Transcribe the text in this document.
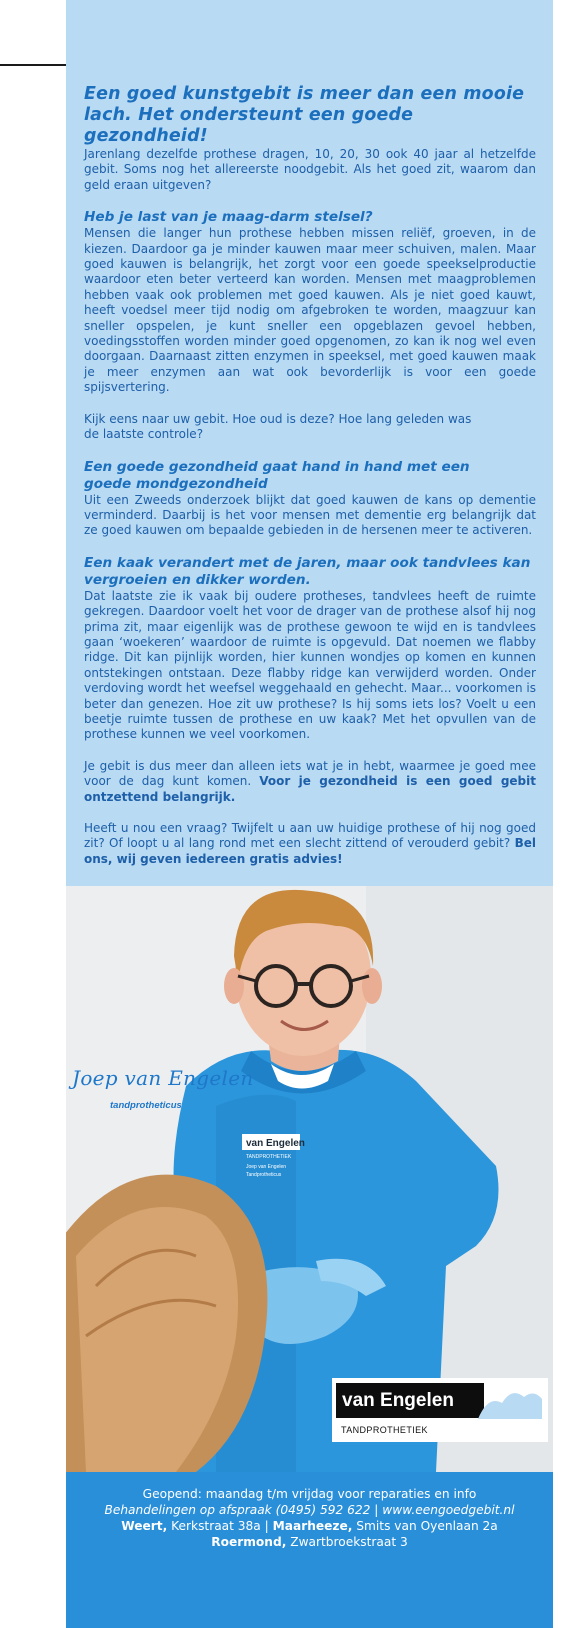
Een goed kunstgebit is meer dan een mooie lach. Het ondersteunt een goede gezondheid!

Jarenlang dezelfde prothese dragen, 10, 20, 30 ook 40 jaar al hetzelfde gebit. Soms nog het allereerste noodgebit. Als het goed zit, waarom dan geld eraan uitgeven?

Heb je last van je maag-darm stelsel?

Mensen die langer hun prothese hebben missen reliëf, groeven, in de kiezen. Daardoor ga je minder kauwen maar meer schuiven, malen. Maar goed kauwen is belangrijk, het zorgt voor een goede speekselproductie waardoor eten beter verteerd kan worden. Mensen met maagproblemen hebben vaak ook problemen met goed kauwen. Als je niet goed kauwt, heeft voedsel meer tijd nodig om afgebroken te worden, maagzuur kan sneller opspelen, je kunt sneller een opgeblazen gevoel hebben, voedingsstoffen worden minder goed opgenomen, zo kan ik nog wel even doorgaan. Daarnaast zitten enzymen in speeksel, met goed kauwen maak je meer enzymen aan wat ook bevorderlijk is voor een goede spijsvertering.

Kijk eens naar uw gebit. Hoe oud is deze? Hoe lang geleden was
de laatste controle?

Een goede gezondheid gaat hand in hand met een
goede mondgezondheid

Uit een Zweeds onderzoek blijkt dat goed kauwen de kans op dementie verminderd. Daarbij is het voor mensen met dementie erg belangrijk dat ze goed kauwen om bepaalde gebieden in de hersenen meer te activeren.

Een kaak verandert met de jaren, maar ook tandvlees kan
vergroeien en dikker worden.

Dat laatste zie ik vaak bij oudere protheses, tandvlees heeft de ruimte gekregen. Daardoor voelt het voor de drager van de prothese alsof hij nog prima zit, maar eigenlijk was de prothese gewoon te wijd en is tandvlees gaan ‘woekeren’ waardoor de ruimte is opgevuld. Dat noemen we flabby ridge. Dit kan pijnlijk worden, hier kunnen wondjes op komen en kunnen ontstekingen ontstaan. Deze flabby ridge kan verwijderd worden. Onder verdoving wordt het weefsel weggehaald en gehecht. Maar... voorkomen is beter dan genezen. Hoe zit uw prothese? Is hij soms iets los? Voelt u een beetje ruimte tussen de prothese en uw kaak? Met het opvullen van de prothese kunnen we veel voorkomen.

Je gebit is dus meer dan alleen iets wat je in hebt, waarmee je goed mee voor de dag kunt komen. Voor je gezondheid is een goed gebit ontzettend belangrijk.

Heeft u nou een vraag? Twijfelt u aan uw huidige prothese of hij nog goed zit? Of loopt u al lang rond met een slecht zittend of verouderd gebit? Bel ons, wij geven iedereen gratis advies!

van Engelen
TANDPROTHETIEK
Joep van Engelen
Tandprotheticus
Joep van Engelen
tandprotheticus
van Engelen
TANDPROTHETIEK
Geopend: maandag t/m vrijdag voor reparaties en info
Behandelingen op afspraak (0495) 592 622 | www.eengoedgebit.nl
Weert, Kerkstraat 38a | Maarheeze, Smits van Oyenlaan 2a
Roermond, Zwartbroekstraat 3
